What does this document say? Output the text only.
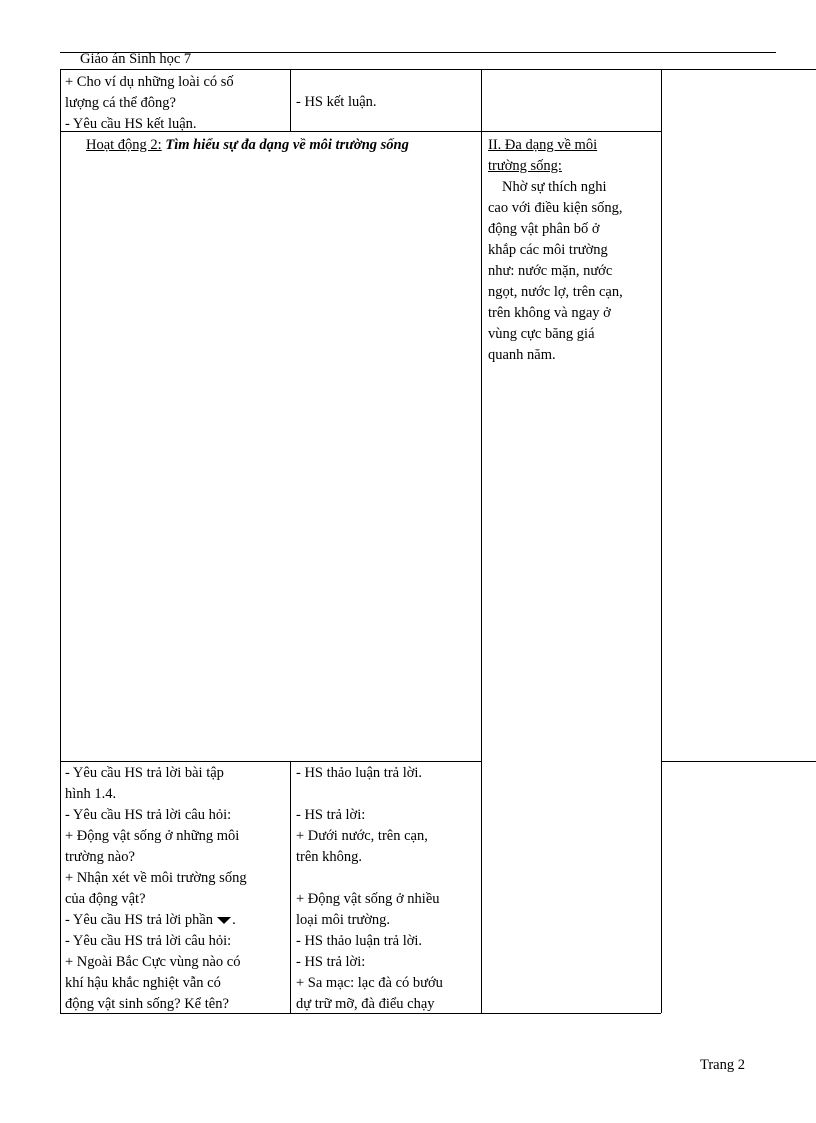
Giáo án Sinh học 7
+ Cho ví dụ những loài có số
lượng cá thể đông?
- Yêu cầu HS kết luận.
- HS kết luận.
Hoạt động 2: Tìm hiểu sự đa dạng về môi trường sống	II. Đa dạng về môi
trường sống:
Nhờ sự thích nghi
cao với điều kiện sống,
động vật phân bố ở
khắp các môi trường
như: nước mặn, nước
ngọt, nước lợ, trên cạn,
trên không và ngay ở
vùng cực băng giá
quanh năm.
- Yêu cầu HS trả lời bài tập
hình 1.4.
- Yêu cầu HS trả lời câu hỏi:
+ Động vật sống ở những môi
trường nào?
+ Nhận xét về môi trường sống
của động vật?
- Yêu cầu HS trả lời phần .
- Yêu cầu HS trả lời câu hỏi:
+ Ngoài Bắc Cực vùng nào có
khí hậu khắc nghiệt vẫn có
động vật sinh sống? Kể tên?
- HS thảo luận trả lời.
- HS trả lời:
+ Dưới nước, trên cạn,
trên không.
+ Động vật sống ở nhiều
loại môi trường.
- HS thảo luận trả lời.
- HS trả lời:
+ Sa mạc: lạc đà có bướu
dự trữ mỡ, đà điểu chạy
Trang 2
